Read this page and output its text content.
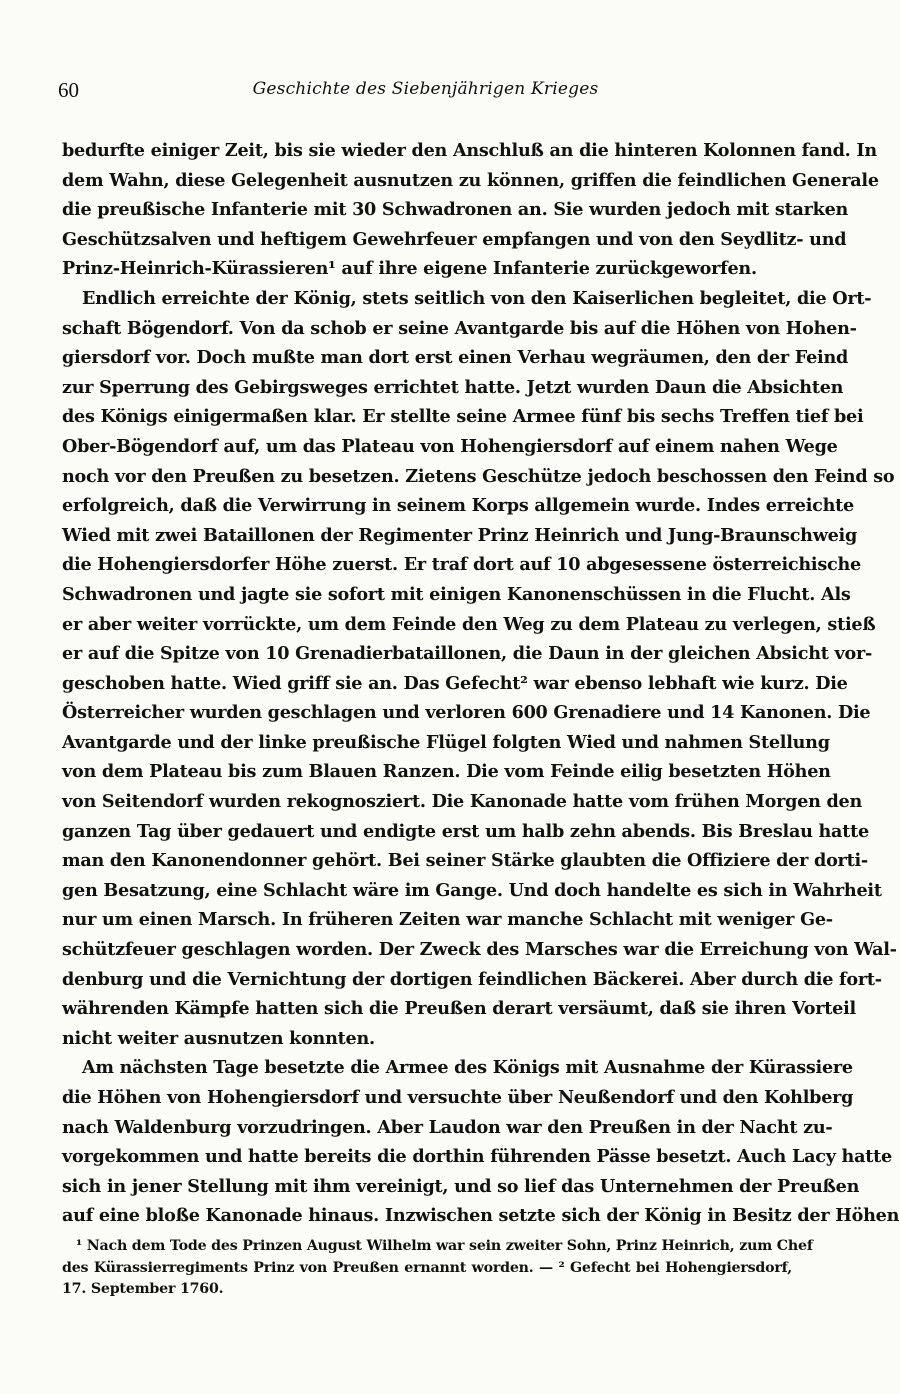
60	Geschichte des Siebenjährigen Krieges
bedurfte einiger Zeit, bis sie wieder den Anschluß an die hinteren Kolonnen fand. In
dem Wahn, diese Gelegenheit ausnutzen zu können, griffen die feindlichen Generale
die preußische Infanterie mit 30 Schwadronen an. Sie wurden jedoch mit starken
Geschützsalven und heftigem Gewehrfeuer empfangen und von den Seydlitz- und
Prinz-Heinrich-Kürassieren¹ auf ihre eigene Infanterie zurückgeworfen.
Endlich erreichte der König, stets seitlich von den Kaiserlichen begleitet, die Ort-
schaft Bögendorf. Von da schob er seine Avantgarde bis auf die Höhen von Hohen-
giersdorf vor. Doch mußte man dort erst einen Verhau wegräumen, den der Feind
zur Sperrung des Gebirgsweges errichtet hatte. Jetzt wurden Daun die Absichten
des Königs einigermaßen klar. Er stellte seine Armee fünf bis sechs Treffen tief bei
Ober-Bögendorf auf, um das Plateau von Hohengiersdorf auf einem nahen Wege
noch vor den Preußen zu besetzen. Zietens Geschütze jedoch beschossen den Feind so
erfolgreich, daß die Verwirrung in seinem Korps allgemein wurde. Indes erreichte
Wied mit zwei Bataillonen der Regimenter Prinz Heinrich und Jung-Braunschweig
die Hohengiersdorfer Höhe zuerst. Er traf dort auf 10 abgesessene österreichische
Schwadronen und jagte sie sofort mit einigen Kanonenschüssen in die Flucht. Als
er aber weiter vorrückte, um dem Feinde den Weg zu dem Plateau zu verlegen, stieß
er auf die Spitze von 10 Grenadierbataillonen, die Daun in der gleichen Absicht vor-
geschoben hatte. Wied griff sie an. Das Gefecht² war ebenso lebhaft wie kurz. Die
Österreicher wurden geschlagen und verloren 600 Grenadiere und 14 Kanonen. Die
Avantgarde und der linke preußische Flügel folgten Wied und nahmen Stellung
von dem Plateau bis zum Blauen Ranzen. Die vom Feinde eilig besetzten Höhen
von Seitendorf wurden rekognosziert. Die Kanonade hatte vom frühen Morgen den
ganzen Tag über gedauert und endigte erst um halb zehn abends. Bis Breslau hatte
man den Kanonendonner gehört. Bei seiner Stärke glaubten die Offiziere der dorti-
gen Besatzung, eine Schlacht wäre im Gange. Und doch handelte es sich in Wahrheit
nur um einen Marsch. In früheren Zeiten war manche Schlacht mit weniger Ge-
schützfeuer geschlagen worden. Der Zweck des Marsches war die Erreichung von Wal-
denburg und die Vernichtung der dortigen feindlichen Bäckerei. Aber durch die fort-
währenden Kämpfe hatten sich die Preußen derart versäumt, daß sie ihren Vorteil
nicht weiter ausnutzen konnten.
Am nächsten Tage besetzte die Armee des Königs mit Ausnahme der Kürassiere
die Höhen von Hohengiersdorf und versuchte über Neußendorf und den Kohlberg
nach Waldenburg vorzudringen. Aber Laudon war den Preußen in der Nacht zu-
vorgekommen und hatte bereits die dorthin führenden Pässe besetzt. Auch Lacy hatte
sich in jener Stellung mit ihm vereinigt, und so lief das Unternehmen der Preußen
auf eine bloße Kanonade hinaus. Inzwischen setzte sich der König in Besitz der Höhen
¹ Nach dem Tode des Prinzen August Wilhelm war sein zweiter Sohn, Prinz Heinrich, zum Chef
des Kürassierregiments Prinz von Preußen ernannt worden. — ² Gefecht bei Hohengiersdorf,
17. September 1760.
